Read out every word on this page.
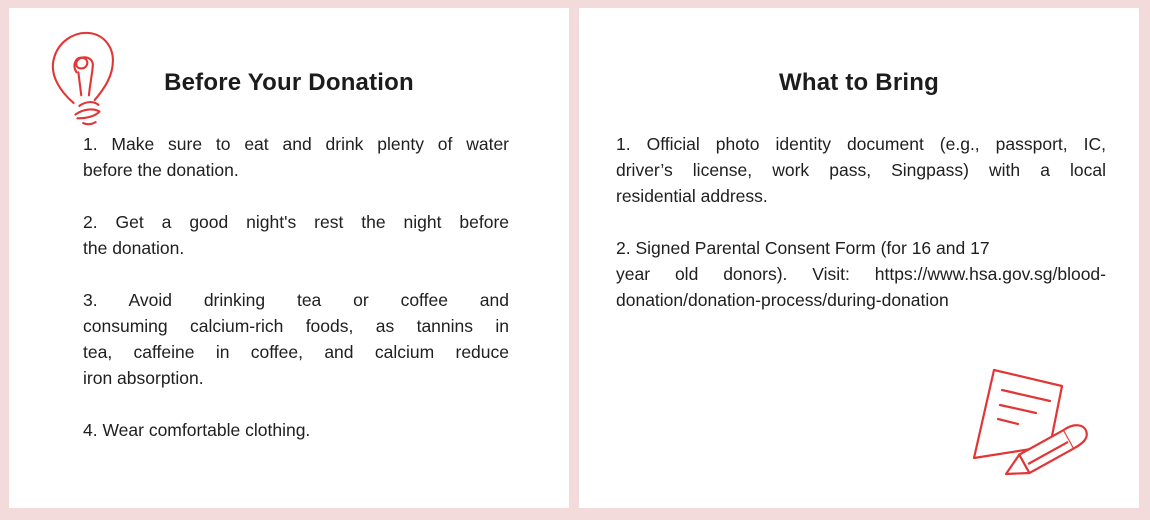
Before Your Donation
1. Make sure to eat and drink plenty of water
before the donation.
2. Get a good night's rest the night before
the donation.
3. Avoid drinking tea or coffee and
consuming calcium-rich foods, as tannins in
tea, caffeine in coffee, and calcium reduce
iron absorption.
4. Wear comfortable clothing.
What to Bring
1. Official photo identity document (e.g., passport, IC,
driver’s license, work pass, Singpass) with a local
residential address.
2. Signed Parental Consent Form (for 16 and 17
year old donors). Visit: https://www.hsa.gov.sg/blood-
donation/donation-process/during-donation
